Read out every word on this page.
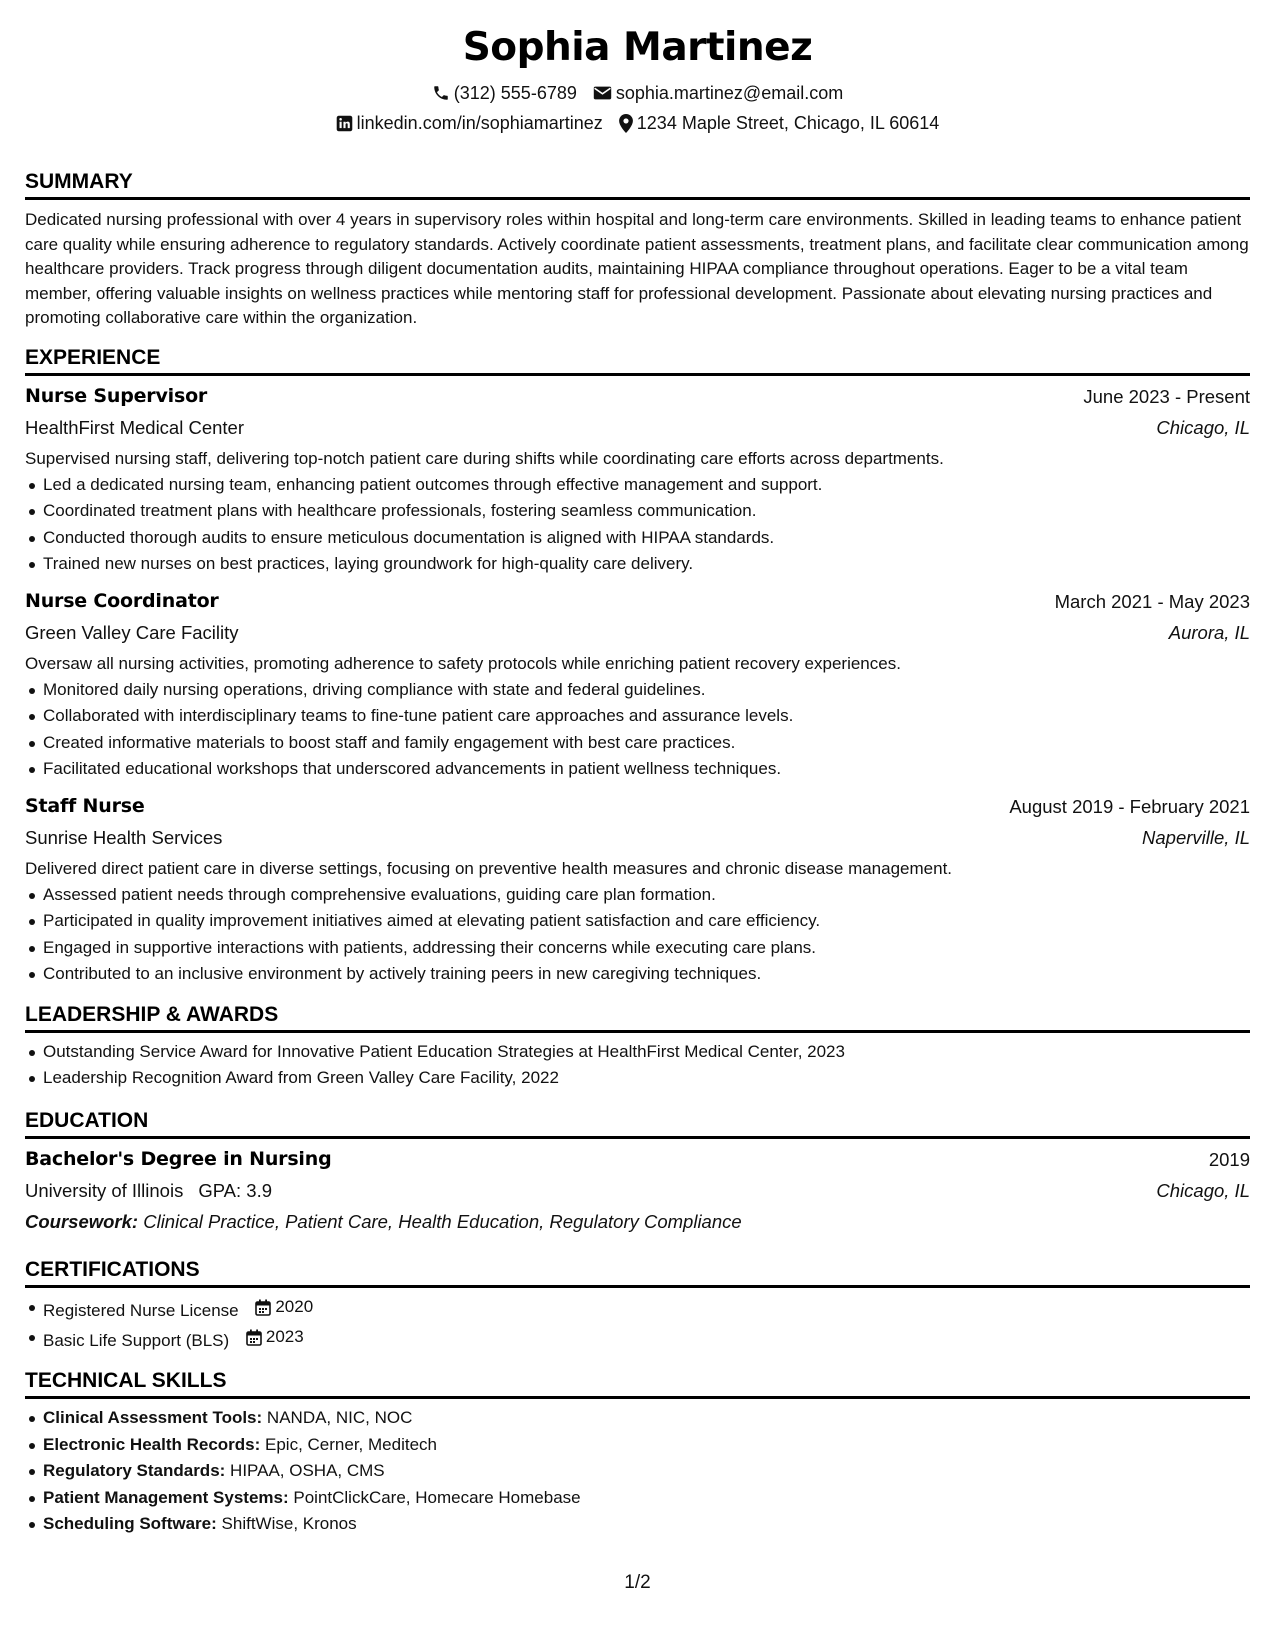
Sophia Martinez
(312) 555-6789 sophia.martinez@email.com
linkedin.com/in/sophiamartinez 1234 Maple Street, Chicago, IL 60614
SUMMARY
Dedicated nursing professional with over 4 years in supervisory roles within hospital and long-term care environments. Skilled in leading teams to enhance patient care quality while ensuring adherence to regulatory standards. Actively coordinate patient assessments, treatment plans, and facilitate clear communication among healthcare providers. Track progress through diligent documentation audits, maintaining HIPAA compliance throughout operations. Eager to be a vital team member, offering valuable insights on wellness practices while mentoring staff for professional development. Passionate about elevating nursing practices and promoting collaborative care within the organization.
EXPERIENCE
Nurse Supervisor	June 2023 - Present
HealthFirst Medical Center	Chicago, IL
Supervised nursing staff, delivering top-notch patient care during shifts while coordinating care efforts across departments.
Led a dedicated nursing team, enhancing patient outcomes through effective management and support.
Coordinated treatment plans with healthcare professionals, fostering seamless communication.
Conducted thorough audits to ensure meticulous documentation is aligned with HIPAA standards.
Trained new nurses on best practices, laying groundwork for high-quality care delivery.
Nurse Coordinator	March 2021 - May 2023
Green Valley Care Facility	Aurora, IL
Oversaw all nursing activities, promoting adherence to safety protocols while enriching patient recovery experiences.
Monitored daily nursing operations, driving compliance with state and federal guidelines.
Collaborated with interdisciplinary teams to fine-tune patient care approaches and assurance levels.
Created informative materials to boost staff and family engagement with best care practices.
Facilitated educational workshops that underscored advancements in patient wellness techniques.
Staff Nurse	August 2019 - February 2021
Sunrise Health Services	Naperville, IL
Delivered direct patient care in diverse settings, focusing on preventive health measures and chronic disease management.
Assessed patient needs through comprehensive evaluations, guiding care plan formation.
Participated in quality improvement initiatives aimed at elevating patient satisfaction and care efficiency.
Engaged in supportive interactions with patients, addressing their concerns while executing care plans.
Contributed to an inclusive environment by actively training peers in new caregiving techniques.
LEADERSHIP & AWARDS
Outstanding Service Award for Innovative Patient Education Strategies at HealthFirst Medical Center, 2023
Leadership Recognition Award from Green Valley Care Facility, 2022
EDUCATION
Bachelor's Degree in Nursing	2019
University of Illinois GPA: 3.9	Chicago, IL
Coursework: Clinical Practice, Patient Care, Health Education, Regulatory Compliance
CERTIFICATIONS
Registered Nurse License 2020
Basic Life Support (BLS) 2023
TECHNICAL SKILLS
Clinical Assessment Tools: NANDA, NIC, NOC
Electronic Health Records: Epic, Cerner, Meditech
Regulatory Standards: HIPAA, OSHA, CMS
Patient Management Systems: PointClickCare, Homecare Homebase
Scheduling Software: ShiftWise, Kronos
1/2
